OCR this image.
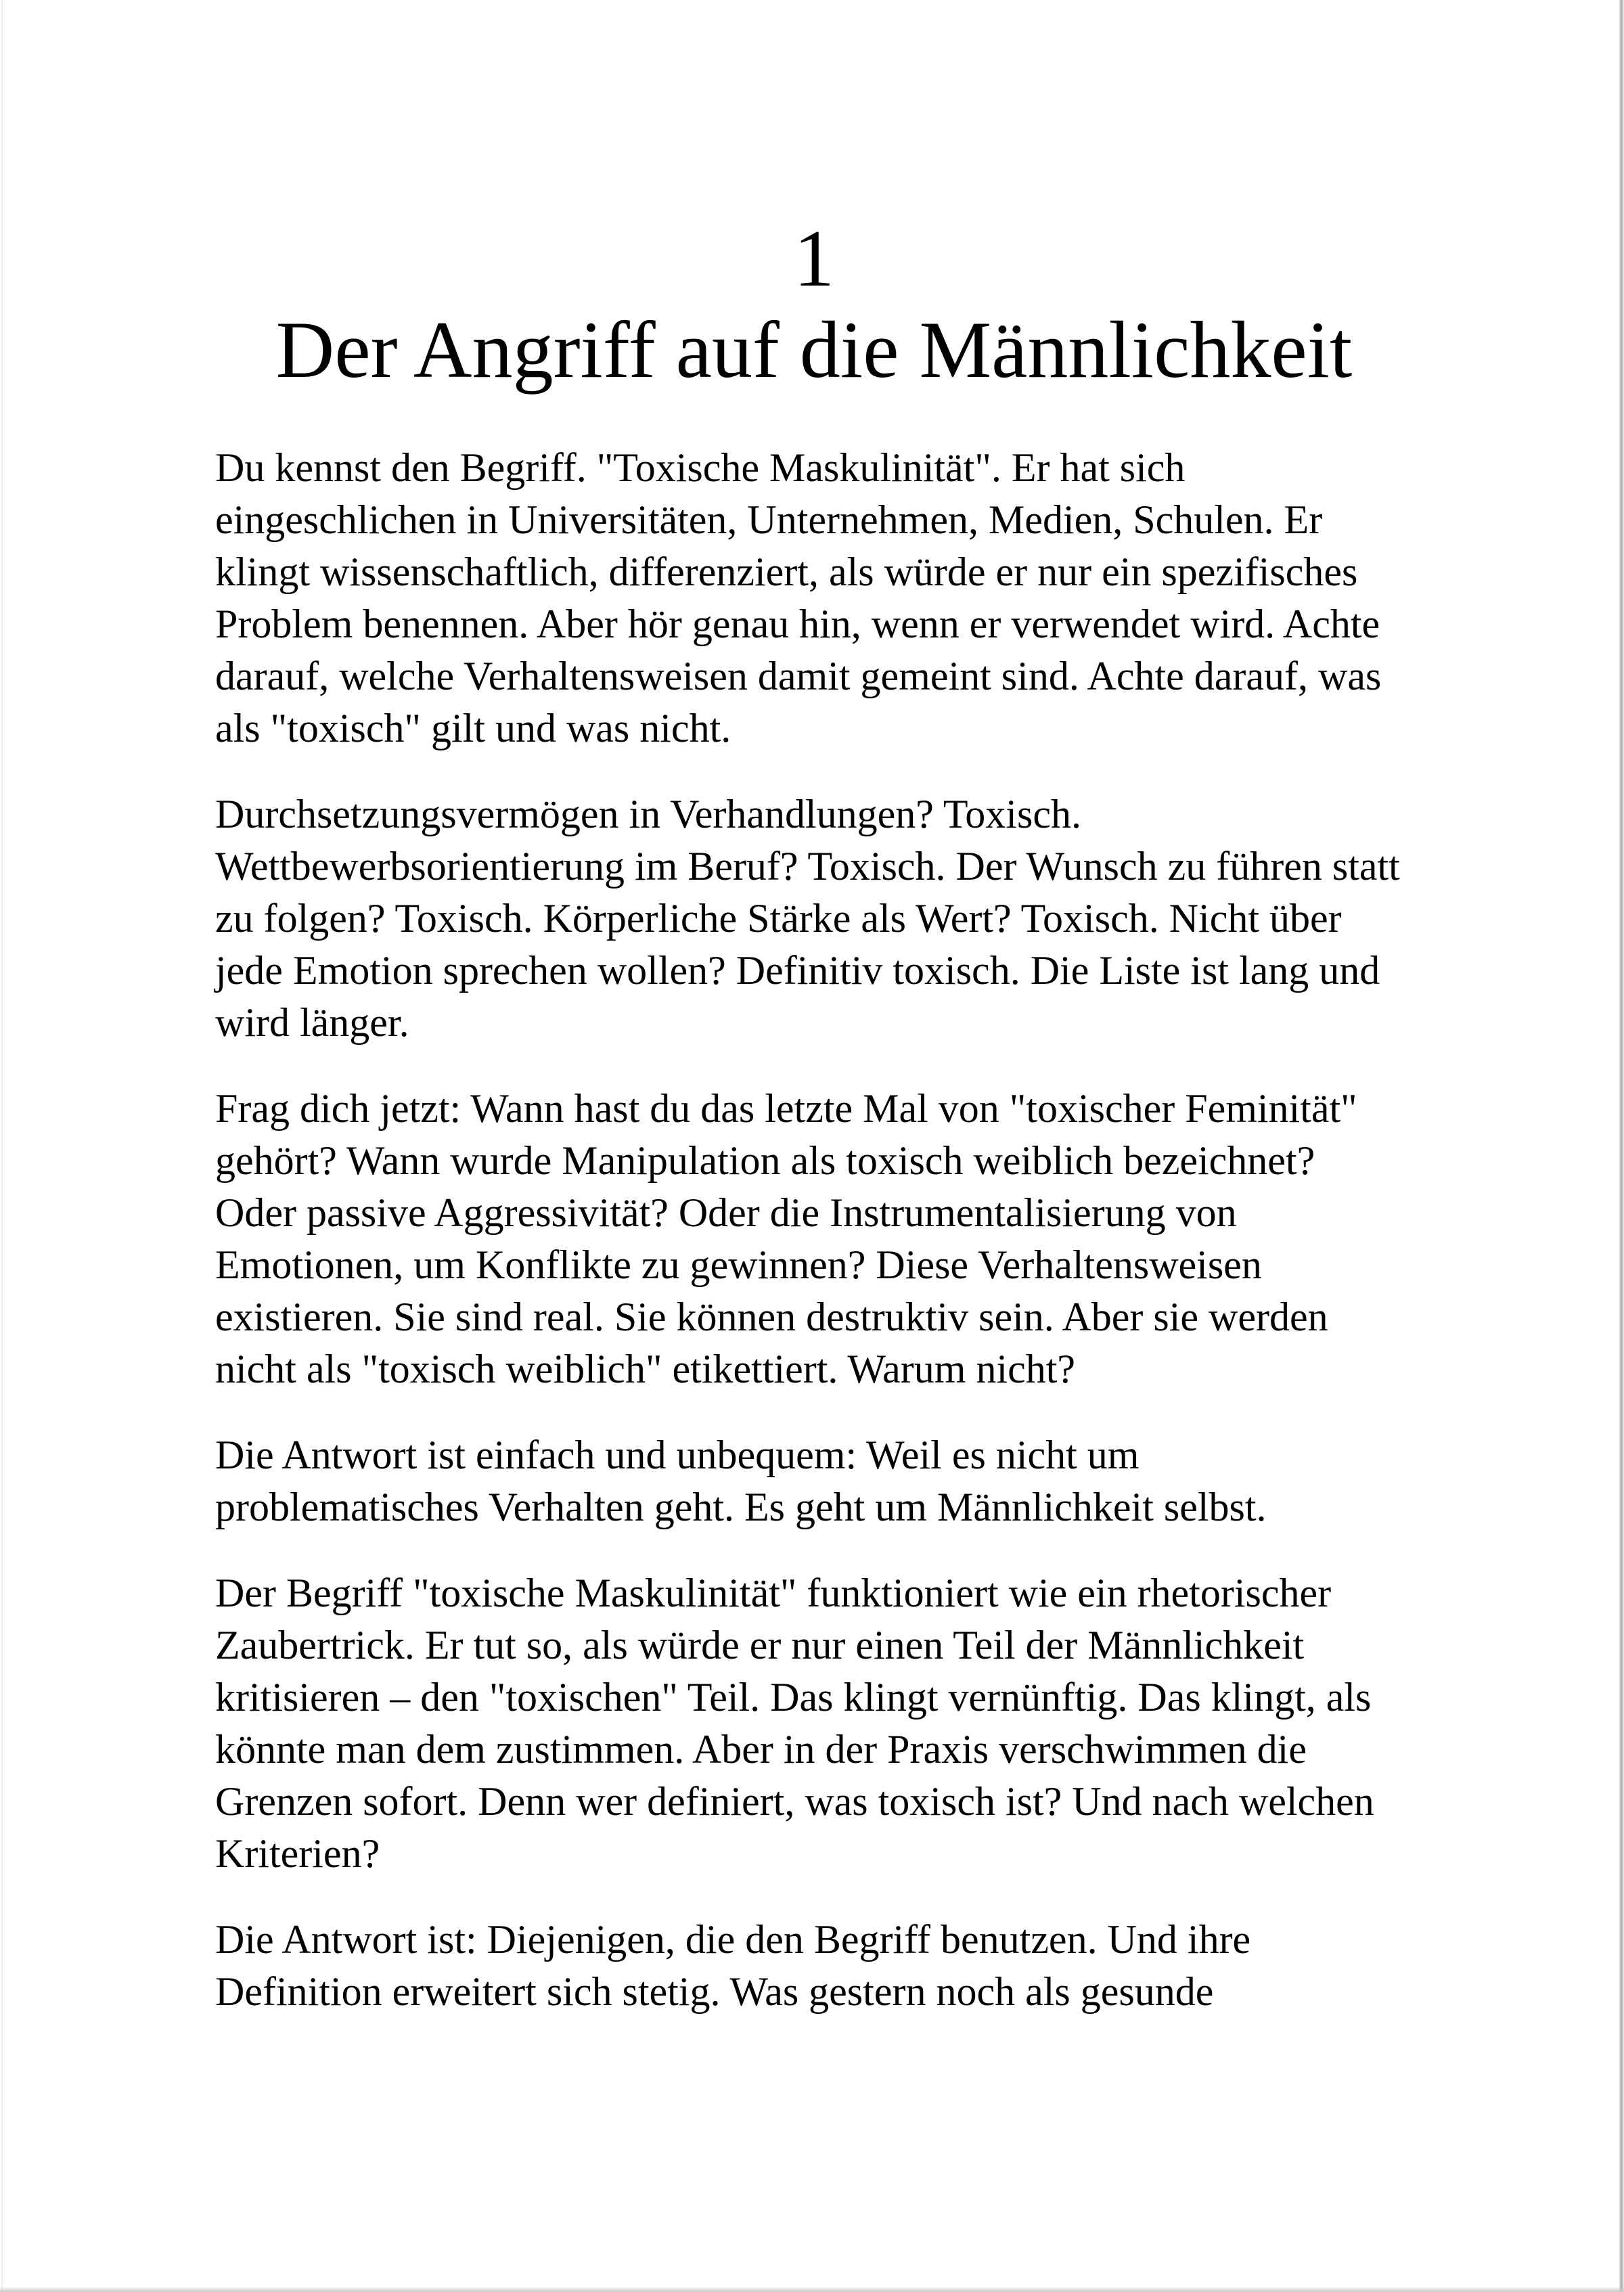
1
Der Angriff auf die Männlichkeit

Du kennst den Begriff. "Toxische Maskulinität". Er hat sich
eingeschlichen in Universitäten, Unternehmen, Medien, Schulen. Er
klingt wissenschaftlich, differenziert, als würde er nur ein spezifisches
Problem benennen. Aber hör genau hin, wenn er verwendet wird. Achte
darauf, welche Verhaltensweisen damit gemeint sind. Achte darauf, was
als "toxisch" gilt und was nicht.

Durchsetzungsvermögen in Verhandlungen? Toxisch.
Wettbewerbsorientierung im Beruf? Toxisch. Der Wunsch zu führen statt
zu folgen? Toxisch. Körperliche Stärke als Wert? Toxisch. Nicht über
jede Emotion sprechen wollen? Definitiv toxisch. Die Liste ist lang und
wird länger.

Frag dich jetzt: Wann hast du das letzte Mal von "toxischer Feminität"
gehört? Wann wurde Manipulation als toxisch weiblich bezeichnet?
Oder passive Aggressivität? Oder die Instrumentalisierung von
Emotionen, um Konflikte zu gewinnen? Diese Verhaltensweisen
existieren. Sie sind real. Sie können destruktiv sein. Aber sie werden
nicht als "toxisch weiblich" etikettiert. Warum nicht?

Die Antwort ist einfach und unbequem: Weil es nicht um
problematisches Verhalten geht. Es geht um Männlichkeit selbst.

Der Begriff "toxische Maskulinität" funktioniert wie ein rhetorischer
Zaubertrick. Er tut so, als würde er nur einen Teil der Männlichkeit
kritisieren – den "toxischen" Teil. Das klingt vernünftig. Das klingt, als
könnte man dem zustimmen. Aber in der Praxis verschwimmen die
Grenzen sofort. Denn wer definiert, was toxisch ist? Und nach welchen
Kriterien?

Die Antwort ist: Diejenigen, die den Begriff benutzen. Und ihre
Definition erweitert sich stetig. Was gestern noch als gesunde
